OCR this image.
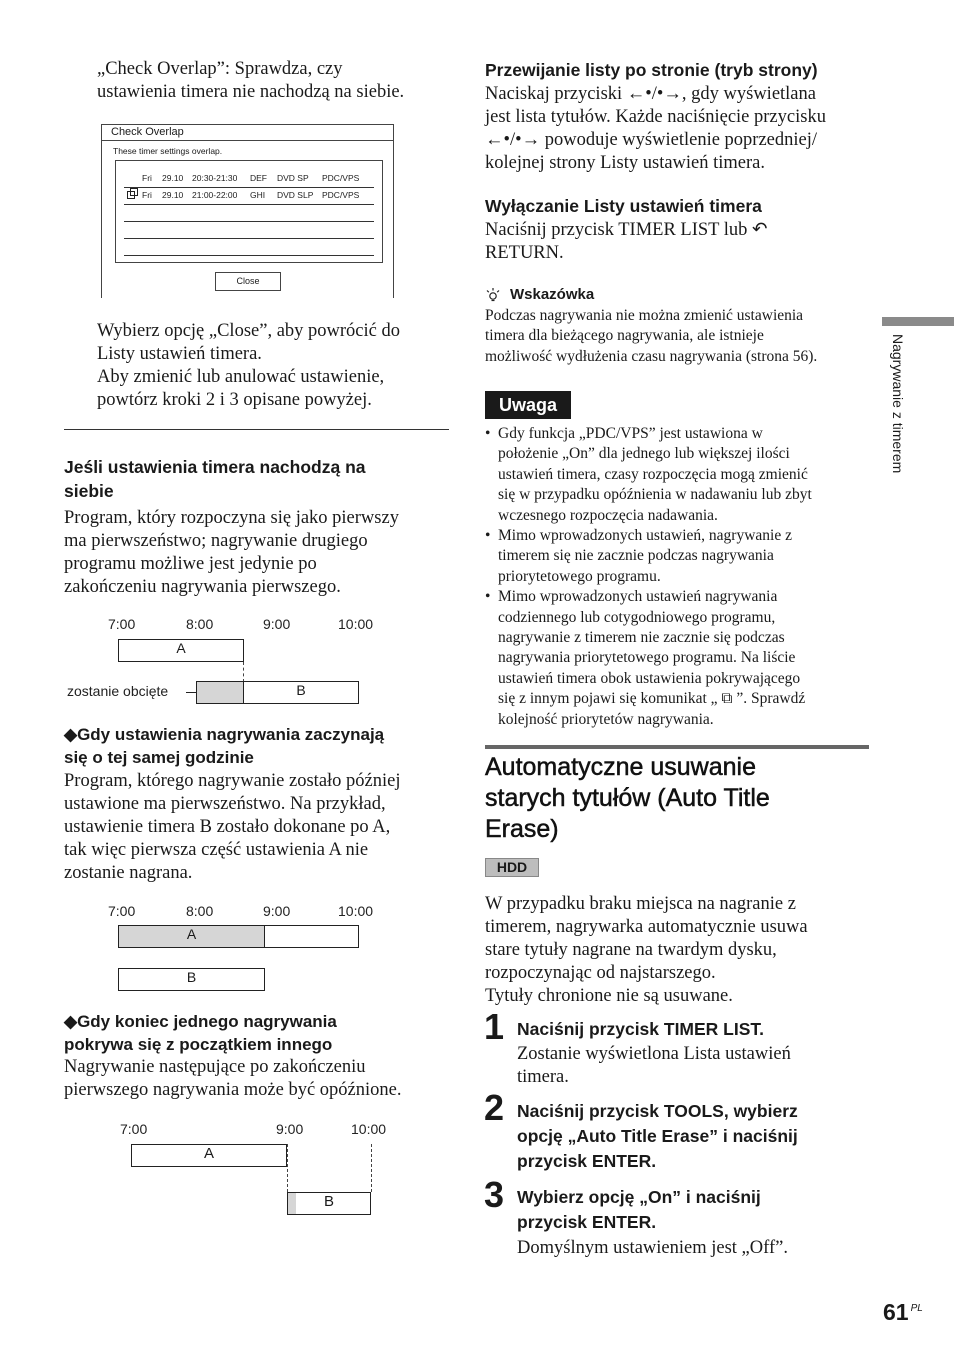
„Check Overlap”: Sprawdza, czy
ustawienia timera nie nachodzą na siebie.
Check Overlap
These timer settings overlap.
Fri 29.10 20:30-21:30 DEF DVD SP PDC/VPS
Fri 29.10 21:00-22:00 GHI DVD SLP PDC/VPS
Close
Wybierz opcję „Close”, aby powrócić do
Listy ustawień timera.
Aby zmienić lub anulować ustawienie,
powtórz kroki 2 i 3 opisane powyżej.
Jeśli ustawienia timera nachodzą na
siebie
Program, który rozpoczyna się jako pierwszy
ma pierwszeństwo; nagrywanie drugiego
programu możliwe jest jedynie po
zakończeniu nagrywania pierwszego.
7:00	8:00	9:00	10:00
A
zostanie obcięte	B
◆Gdy ustawienia nagrywania zaczynają
się o tej samej godzinie
Program, którego nagrywanie zostało później
ustawione ma pierwszeństwo. Na przykład,
ustawienie timera B zostało dokonane po A,
tak więc pierwsza część ustawienia A nie
zostanie nagrana.
7:00	8:00	9:00	10:00
A
B
◆Gdy koniec jednego nagrywania
pokrywa się z początkiem innego
Nagrywanie następujące po zakończeniu
pierwszego nagrywania może być opóźnione.
7:00	9:00	10:00
A
B
Przewijanie listy po stronie (tryb strony)
Naciskaj przyciski ←•/•→, gdy wyświetlana
jest lista tytułów. Każde naciśnięcie przycisku
←•/•→ powoduje wyświetlenie poprzedniej/
kolejnej strony Listy ustawień timera.
Wyłączanie Listy ustawień timera
Naciśnij przycisk TIMER LIST lub ↶
RETURN.
Wskazówka
Podczas nagrywania nie można zmienić ustawienia
timera dla bieżącego nagrywania, ale istnieje
możliwość wydłużenia czasu nagrywania (strona 56).
Uwaga
• Gdy funkcja „PDC/VPS” jest ustawiona w
położenie „On” dla jednego lub większej ilości
ustawień timera, czasy rozpoczęcia mogą zmienić
się w przypadku opóźnienia w nadawaniu lub zbyt
wczesnego rozpoczęcia nadawania.
• Mimo wprowadzonych ustawień, nagrywanie z
timerem się nie zacznie podczas nagrywania
priorytetowego programu.
• Mimo wprowadzonych ustawień nagrywania
codziennego lub cotygodniowego programu,
nagrywanie z timerem nie zacznie się podczas
nagrywania priorytetowego programu. Na liście
ustawień timera obok ustawienia pokrywającego
się z innym pojawi się komunikat „ ⧉ ”. Sprawdź
kolejność priorytetów nagrywania.
Automatyczne usuwanie
starych tytułów (Auto Title
Erase)
HDD
W przypadku braku miejsca na nagranie z
timerem, nagrywarka automatycznie usuwa
stare tytuły nagrane na twardym dysku,
rozpoczynając od najstarszego.
Tytuły chronione nie są usuwane.
1 Naciśnij przycisk TIMER LIST.
Zostanie wyświetlona Lista ustawień
timera.
2 Naciśnij przycisk TOOLS, wybierz
opcję „Auto Title Erase” i naciśnij
przycisk ENTER.
3 Wybierz opcję „On” i naciśnij
przycisk ENTER.
Domyślnym ustawieniem jest „Off”.
Nagrywanie z timerem
61 $^{PL}$
